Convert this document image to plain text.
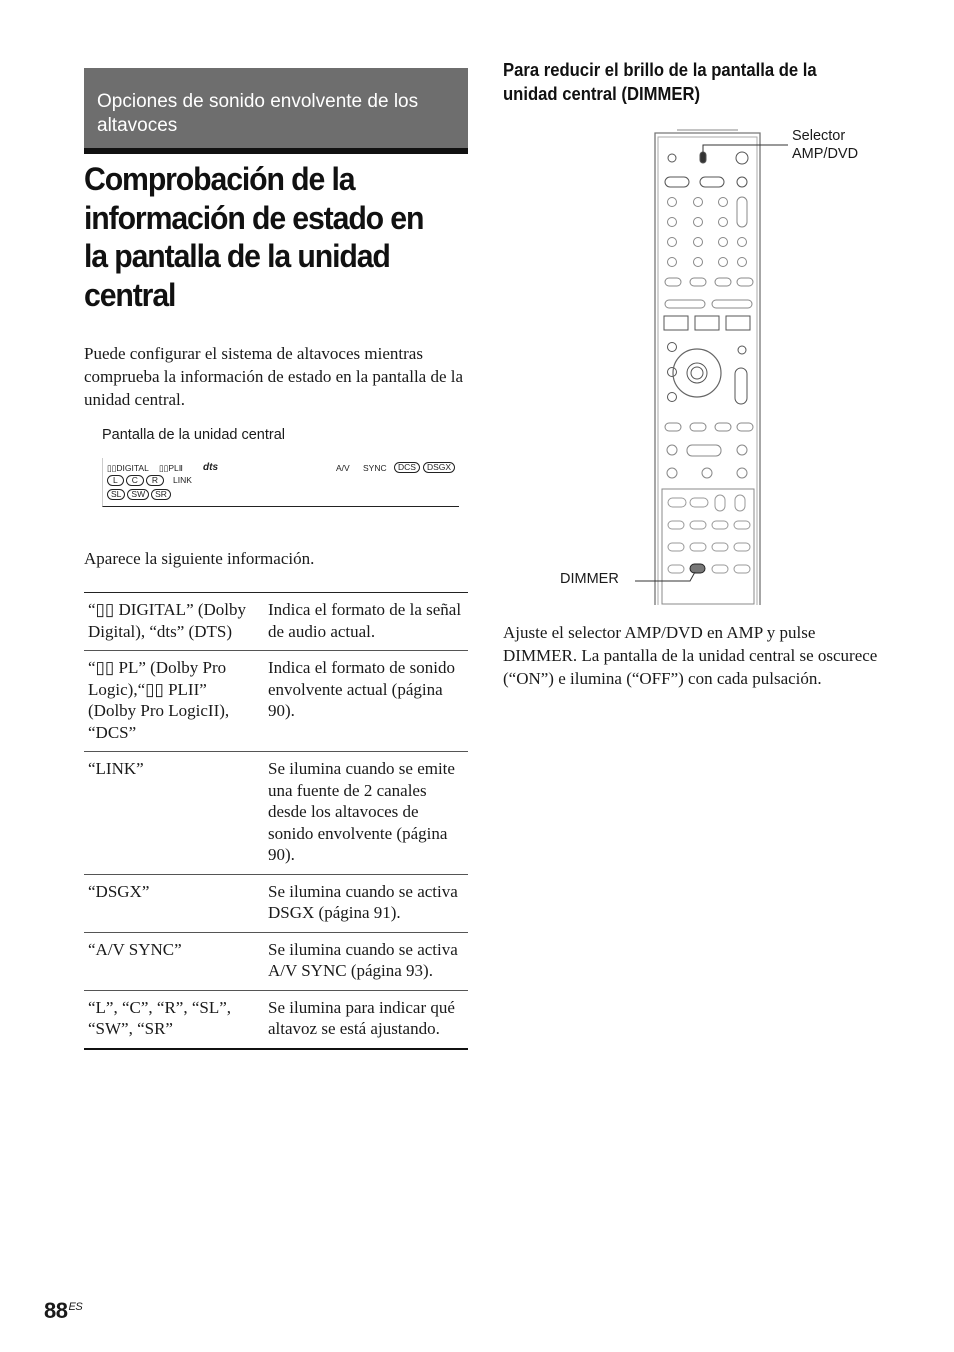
Opciones de sonido envolvente de los altavoces
Comprobación de la información de estado en la pantalla de la unidad central

Puede configurar el sistema de altavoces mientras comprueba la información de estado en la pantalla de la unidad central.

Pantalla de la unidad central
▯▯DIGITAL ▯▯PLⅡ dts	A/V SYNC	DCS	DSGX
L C R	LINK
SL SW SR

Aparece la siguiente información.

“▯▯ DIGITAL” (Dolby Digital), “dts” (DTS)	Indica el formato de la señal de audio actual.
“▯▯ PL” (Dolby Pro Logic),“▯▯ PLII” (Dolby Pro LogicII), “DCS”	Indica el formato de sonido envolvente actual (página 90).
“LINK”	Se ilumina cuando se emite una fuente de 2 canales desde los altavoces de sonido envolvente (página 90).
“DSGX”	Se ilumina cuando se activa DSGX (página 91).
“A/V SYNC”	Se ilumina cuando se activa A/V SYNC (página 93).
“L”, “C”, “R”, “SL”, “SW”, “SR”	Se ilumina para indicar qué altavoz se está ajustando.
Para reducir el brillo de la pantalla de la unidad central (DIMMER)
Selector AMP/DVD
DIMMER

Ajuste el selector AMP/DVD en AMP y pulse DIMMER. La pantalla de la unidad central se oscurece (“ON”) e ilumina (“OFF”) con cada pulsación.

$88^{ES}$
